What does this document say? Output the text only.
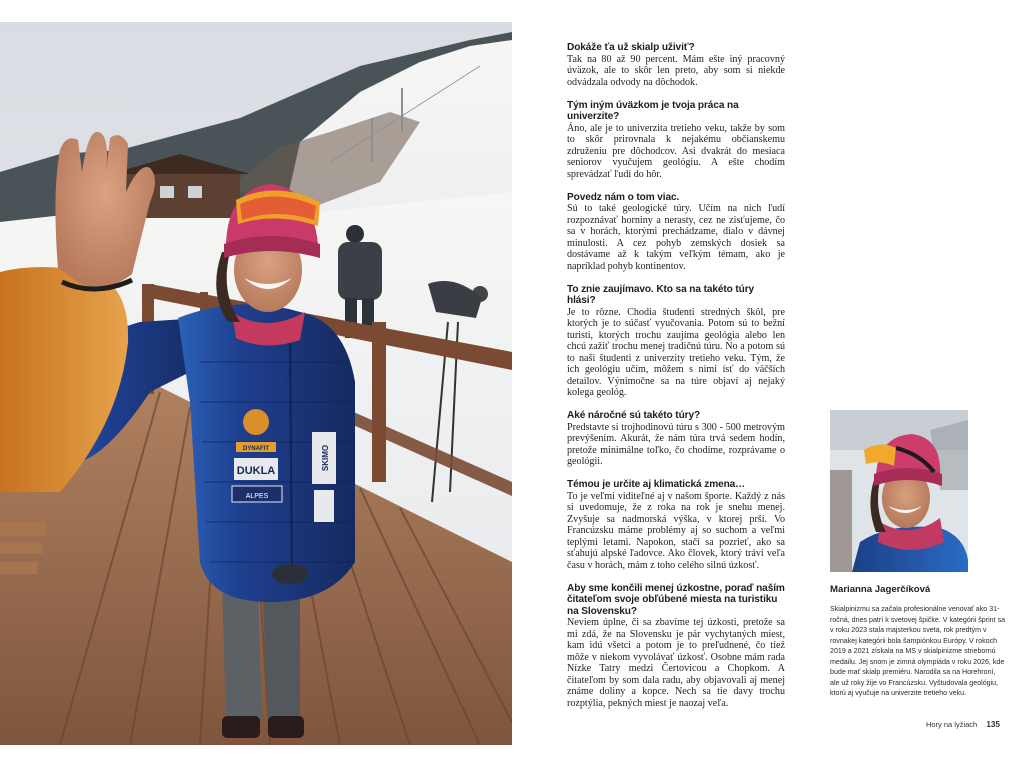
DUKLA
DYNAFIT
ALPES
SKIMO
Dokáže ťa už skialp uživiť?

Tak na 80 až 90 percent. Mám ešte iný pracovný úväzok, ale to skôr len preto, aby som si niekde odvádzala odvody na dôchodok.

Tým iným úväzkom je tvoja práca na univerzite?

Áno, ale je to univerzita tretieho veku, takže by som to skôr prirovnala k nejakému občianskemu združeniu pre dôchodcov. Asi dvakrát do mesiaca seniorov vyučujem geológiu. A ešte chodím sprevádzať ľudí do hôr.

Povedz nám o tom viac.

Sú to také geologické túry. Učím na nich ľudí rozpoznávať horniny a nerasty, cez ne zisťujeme, čo sa v horách, ktorými prechádzame, dialo v dávnej minulosti. A cez pohyb zemských dosiek sa dostávame až k takým veľkým témam, ako je napríklad pohyb kontinentov.

To znie zaujímavo. Kto sa na takéto túry hlási?

Je to rôzne. Chodia študenti stredných škôl, pre ktorých je to súčasť vyučovania. Potom sú to bežní turisti, ktorých trochu zaujíma geológia alebo len chcú zažiť trochu menej tradičnú túru. No a potom sú to naši študenti z univerzity tretieho veku. Tým, že ich geológiu učím, môžem s nimi ísť do väčších detailov. Výnimočne sa na túre objaví aj nejaký kolega geológ.

Aké náročné sú takéto túry?

Predstavte si trojhodinovú túru s 300 - 500 metrovým prevýšením. Akurát, že nám túra trvá sedem hodín, pretože minimálne toľko, čo chodíme, rozprávame o geológii.

Témou je určite aj klimatická zmena…

To je veľmi viditeľné aj v našom športe. Každý z nás si uvedomuje, že z roka na rok je snehu menej. Zvyšuje sa nadmorská výška, v ktorej prší. Vo Francúzsku máme problémy aj so suchom a veľmi teplými letami. Napokon, stačí sa pozrieť, ako sa sťahujú alpské ľadovce. Ako človek, ktorý trávi veľa času v horách, mám z toho celého silnú úzkosť.

Aby sme končili menej úzkostne, poraď naším čitateľom svoje obľúbené miesta na turistiku na Slovensku?

Neviem úplne, či sa zbavíme tej úzkosti, pretože sa mi zdá, že na Slovensku je pár vychytaných miest, kam idú všetci a potom je to preľudnené, čo tiež môže v niekom vyvolávať úzkosť. Osobne mám rada Nízke Tatry medzi Čertovicou a Chopkom. A čitateľom by som dala radu, aby objavovali aj menej známe doliny a kopce. Nech sa tie davy trochu rozptýlia, pekných miest je naozaj veľa.

Marianna Jagerčíková

Skialpinizmu sa začala profesionálne venovať ako 31-ročná, dnes patrí k svetovej špičke. V kategórii šprint sa v roku 2023 stala majsterkou sveta, rok predtým v rovnakej kategórii bola šampiónkou Európy. V rokoch 2019 a 2021 získala na MS v skialpinizme striebornú medailu. Jej snom je zimná olympiáda v roku 2026, kde bude mať skialp premiéru. Narodila sa na Horehroní, ale už roky žije vo Francúzsku. Vyštudovala geológiu, ktorú aj vyučuje na univerzite tretieho veku.

Hory na lyžiach 135
